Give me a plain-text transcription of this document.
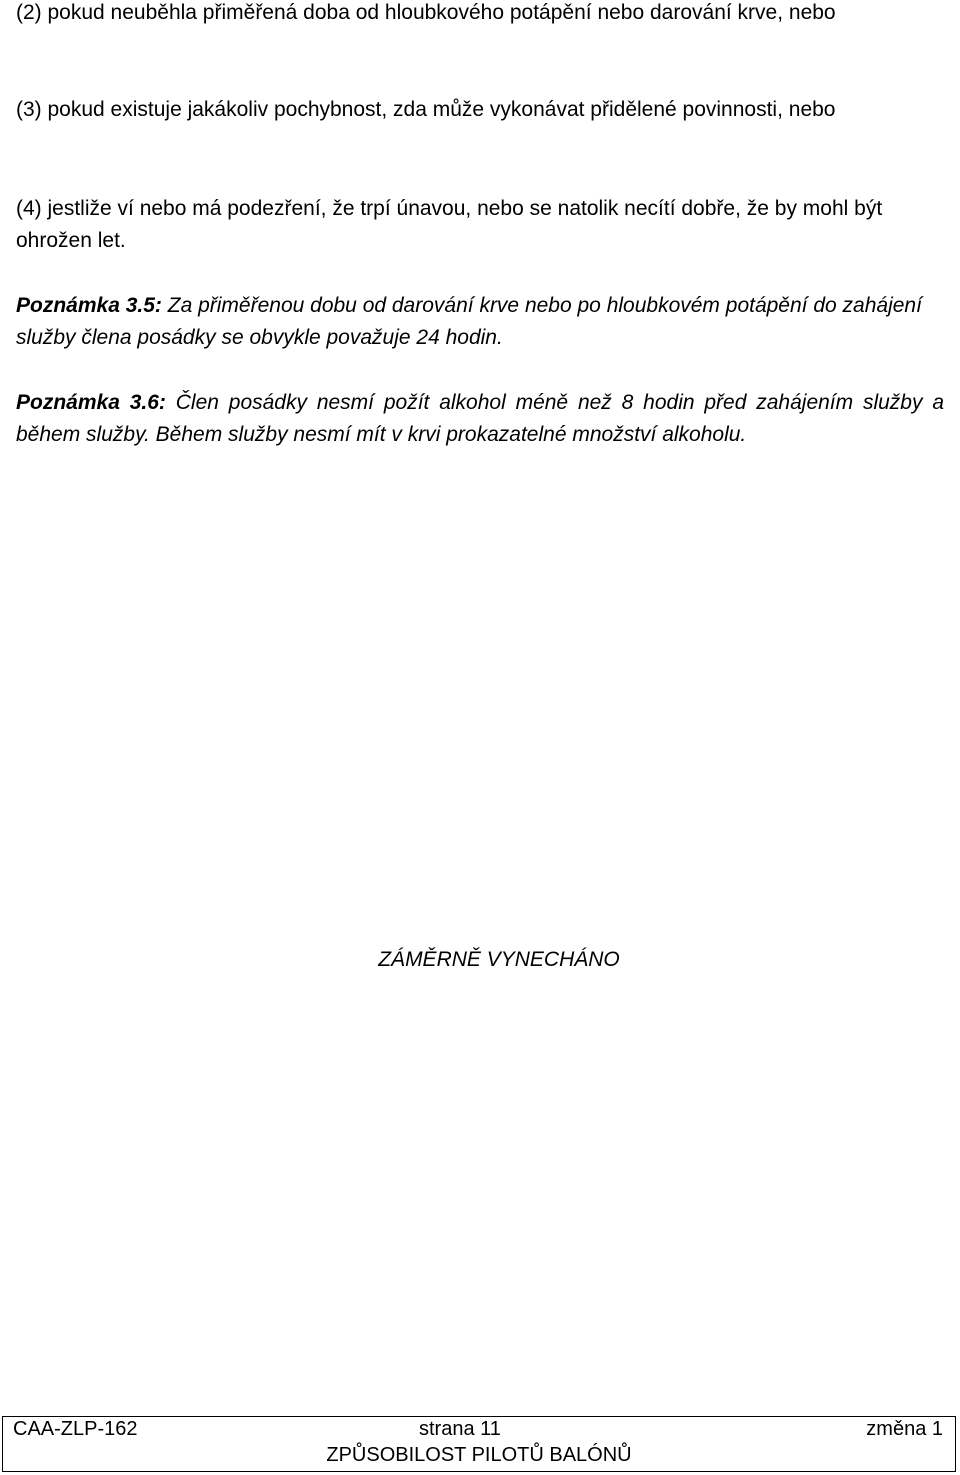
(2) pokud neuběhla přiměřená doba od hloubkového potápění nebo darování krve, nebo

(3) pokud existuje jakákoliv pochybnost, zda může vykonávat přidělené povinnosti, nebo

(4) jestliže ví nebo má podezření, že trpí únavou, nebo se natolik necítí dobře, že by mohl být ohrožen let.

Poznámka 3.5: Za přiměřenou dobu od darování krve nebo po hloubkovém potápění do zahájení služby člena posádky se obvykle považuje 24 hodin.

Poznámka 3.6: Člen posádky nesmí požít alkohol méně než 8 hodin před zahájením služby a během služby. Během služby nesmí mít v krvi prokazatelné množství alkoholu.

ZÁMĚRNĚ VYNECHÁNO
CAA-ZLP-162	strana 11	změna 1
ZPŮSOBILOST PILOTŮ BALÓNŮ
